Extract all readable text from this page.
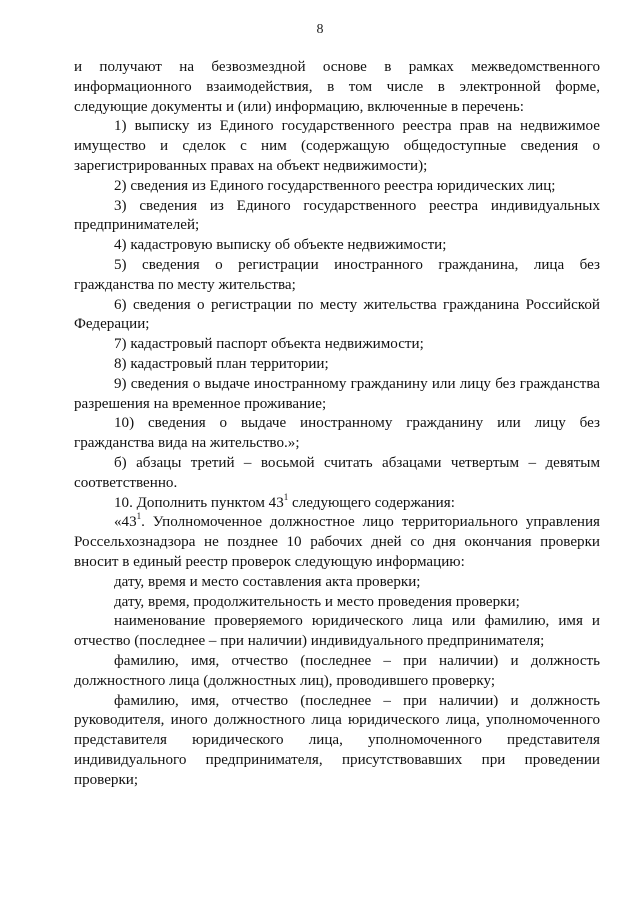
8

и получают на безвозмездной основе в рамках межведомственного информационного взаимодействия, в том числе в электронной форме, следующие документы и (или) информацию, включенные в перечень:

1) выписку из Единого государственного реестра прав на недвижимое имущество и сделок с ним (содержащую общедоступные сведения о зарегистрированных правах на объект недвижимости);

2) сведения из Единого государственного реестра юридических лиц;

3) сведения из Единого государственного реестра индивидуальных предпринимателей;

4) кадастровую выписку об объекте недвижимости;

5) сведения о регистрации иностранного гражданина, лица без гражданства по месту жительства;

6) сведения о регистрации по месту жительства гражданина Российской Федерации;

7) кадастровый паспорт объекта недвижимости;

8) кадастровый план территории;

9) сведения о выдаче иностранному гражданину или лицу без гражданства разрешения на временное проживание;

10) сведения о выдаче иностранному гражданину или лицу без гражданства вида на жительство.»;

б) абзацы третий – восьмой считать абзацами четвертым – девятым соответственно.

10. Дополнить пунктом $43^1$ следующего содержания:

«$43^1$. Уполномоченное должностное лицо территориального управления Россельхознадзора не позднее 10 рабочих дней со дня окончания проверки вносит в единый реестр проверок следующую информацию:

дату, время и место составления акта проверки;

дату, время, продолжительность и место проведения проверки;

наименование проверяемого юридического лица или фамилию, имя и отчество (последнее – при наличии) индивидуального предпринимателя;

фамилию, имя, отчество (последнее – при наличии) и должность должностного лица (должностных лиц), проводившего проверку;

фамилию, имя, отчество (последнее – при наличии) и должность руководителя, иного должностного лица юридического лица, уполномоченного представителя юридического лица, уполномоченного представителя индивидуального предпринимателя, присутствовавших при проведении проверки;
